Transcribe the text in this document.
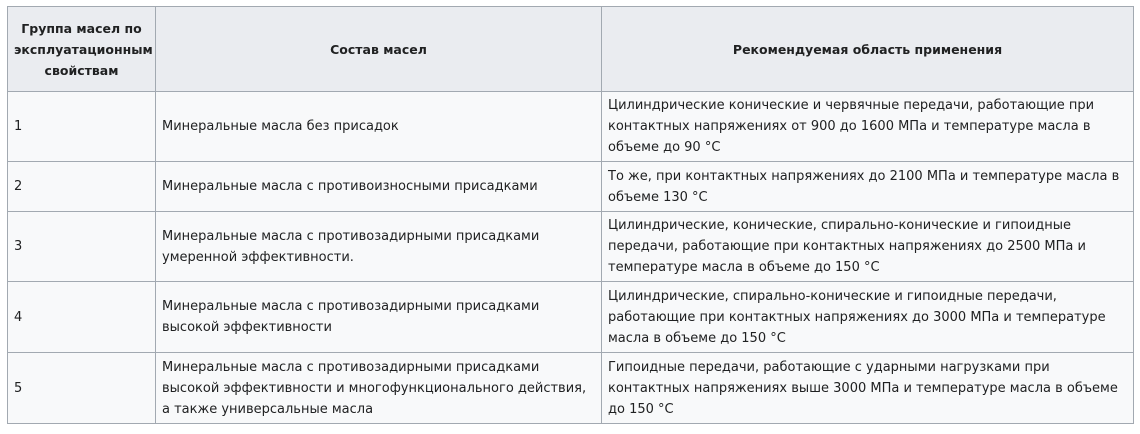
Группа масел по эксплуатационным свойствам	Состав масел	Рекомендуемая область применения
1	Минеральные масла без присадок	Цилиндрические конические и червячные передачи, работающие при контактных напряжениях от 900 до 1600 МПа и температуре масла в объеме до 90 °С
2	Минеральные масла с противоизносными присадками	То же, при контактных напряжениях до 2100 МПа и температуре масла в объеме 130 °С
3	Минеральные масла с противозадирными присадками умеренной эффективности.	Цилиндрические, конические, спирально-конические и гипоидные передачи, работающие при контактных напряжениях до 2500 МПа и температуре масла в объеме до 150 °С
4	Минеральные масла с противозадирными присадками высокой эффективности	Цилиндрические, спирально-конические и гипоидные передачи, работающие при контактных напряжениях до 3000 МПа и температуре масла в объеме до 150 °С
5	Минеральные масла с противозадирными присадками высокой эффективности и многофункционального действия, а также универсальные масла	Гипоидные передачи, работающие с ударными нагрузками при контактных напряжениях выше 3000 МПа и температуре масла в объеме до 150 °С
